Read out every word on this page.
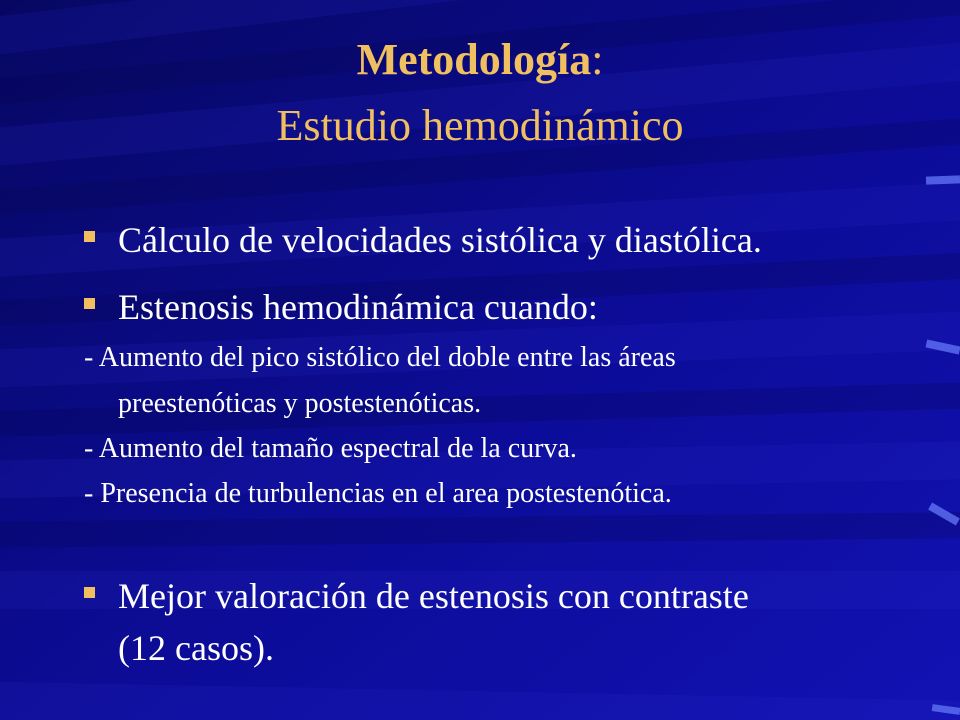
Metodología:
Estudio hemodinámico
Cálculo de velocidades sistólica y diastólica.
Estenosis hemodinámica cuando:
- Aumento del pico sistólico del doble entre las áreas
preestenóticas y postestenóticas.
- Aumento del tamaño espectral de la curva.
- Presencia de turbulencias en el area postestenótica.
Mejor valoración de estenosis con contraste
(12 casos).
